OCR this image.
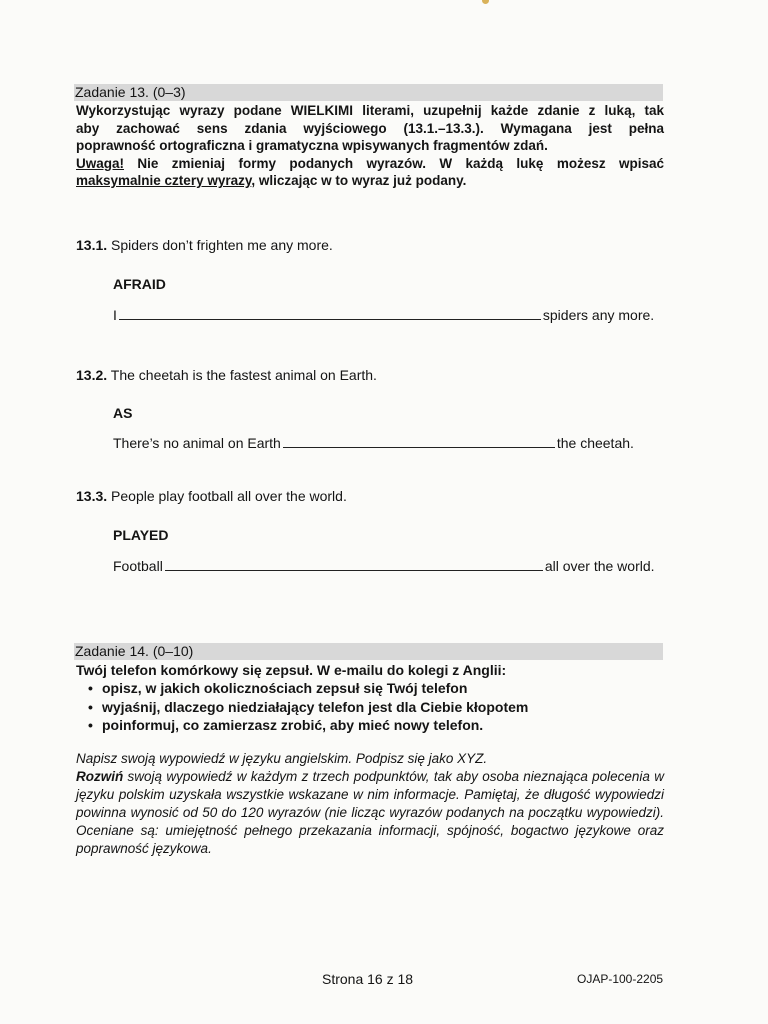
Zadanie 13. (0–3)
Wykorzystując wyrazy podane WIELKIMI literami, uzupełnij każde zdanie z luką, tak
aby zachować sens zdania wyjściowego (13.1.–13.3.). Wymagana jest pełna
poprawność ortograficzna i gramatyczna wpisywanych fragmentów zdań.
Uwaga! Nie zmieniaj formy podanych wyrazów. W każdą lukę możesz wpisać
maksymalnie cztery wyrazy, wliczając w to wyraz już podany.
13.1. Spiders don’t frighten me any more.
AFRAID
I	spiders any more.
13.2. The cheetah is the fastest animal on Earth.
AS
There’s no animal on Earth	the cheetah.
13.3. People play football all over the world.
PLAYED
Football	all over the world.
Zadanie 14. (0–10)
Twój telefon komórkowy się zepsuł. W e-mailu do kolegi z Anglii:
• opisz, w jakich okolicznościach zepsuł się Twój telefon
• wyjaśnij, dlaczego niedziałający telefon jest dla Ciebie kłopotem
• poinformuj, co zamierzasz zrobić, aby mieć nowy telefon.
Napisz swoją wypowiedź w języku angielskim. Podpisz się jako XYZ.
Rozwiń swoją wypowiedź w każdym z trzech podpunktów, tak aby osoba nieznająca polecenia w języku polskim uzyskała wszystkie wskazane w nim informacje. Pamiętaj, że długość wypowiedzi powinna wynosić od 50 do 120 wyrazów (nie licząc wyrazów podanych na początku wypowiedzi). Oceniane są: umiejętność pełnego przekazania informacji, spójność, bogactwo językowe oraz poprawność językowa.
Strona 16 z 18	OJAP-100-2205
